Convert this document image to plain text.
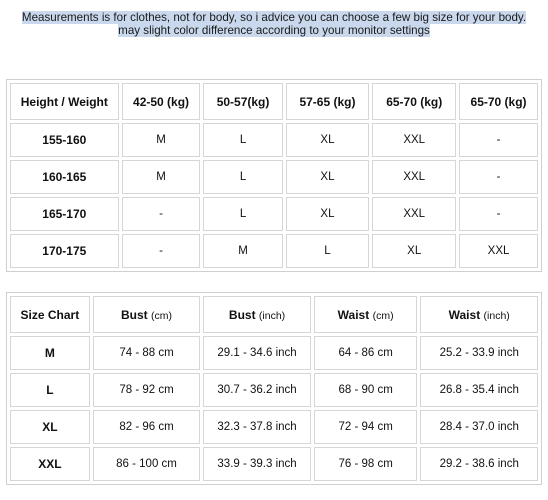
Measurements is for clothes, not for body, so i advice you can choose a few big size for your body.
may slight color difference according to your monitor settings
Height / Weight	42-50 (kg)	50-57(kg)	57-65 (kg)	65-70 (kg)	65-70 (kg)
155-160	M	L	XL	XXL	-
160-165	M	L	XL	XXL	-
165-170	-	L	XL	XXL	-
170-175	-	M	L	XL	XXL
Size Chart	Bust (cm)	Bust (inch)	Waist (cm)	Waist (inch)
M	74 - 88 cm	29.1 - 34.6 inch	64 - 86 cm	25.2 - 33.9 inch
L	78 - 92 cm	30.7 - 36.2 inch	68 - 90 cm	26.8 - 35.4 inch
XL	82 - 96 cm	32.3 - 37.8 inch	72 - 94 cm	28.4 - 37.0 inch
XXL	86 - 100 cm	33.9 - 39.3 inch	76 - 98 cm	29.2 - 38.6 inch
